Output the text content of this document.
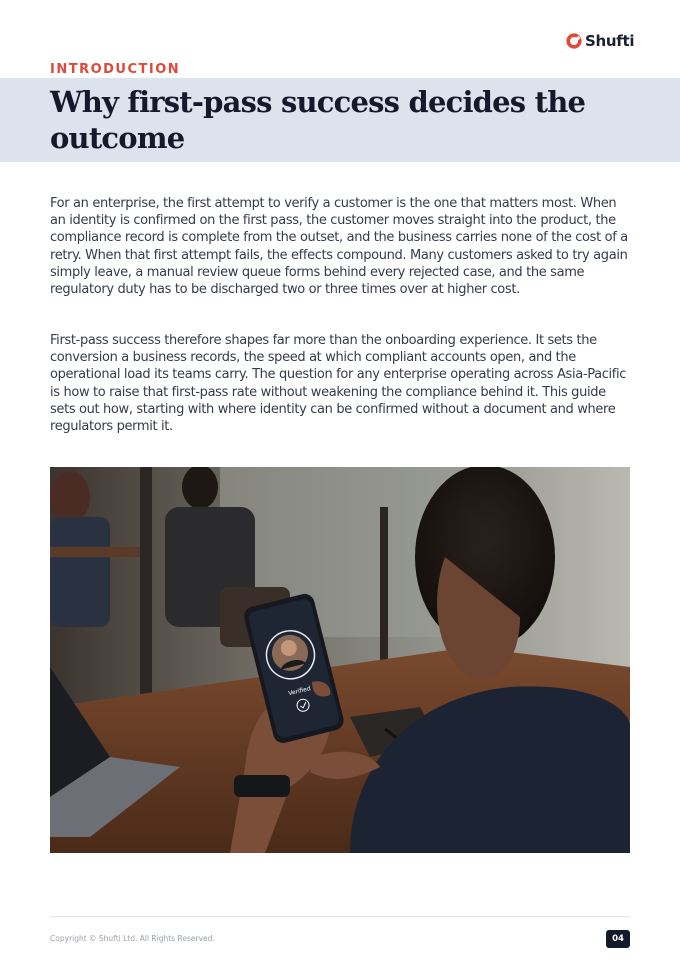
Shufti
INTRODUCTION
Why first-pass success decides the outcome

For an enterprise, the first attempt to verify a customer is the one that matters most. When an identity is confirmed on the first pass, the customer moves straight into the product, the compliance record is complete from the outset, and the business carries none of the cost of a retry. When that first attempt fails, the effects compound. Many customers asked to try again simply leave, a manual review queue forms behind every rejected case, and the same regulatory duty has to be discharged two or three times over at higher cost.

First-pass success therefore shapes far more than the onboarding experience. It sets the conversion a business records, the speed at which compliant accounts open, and the operational load its teams carry. The question for any enterprise operating across Asia-Pacific is how to raise that first-pass rate without weakening the compliance behind it. This guide sets out how, starting with where identity can be confirmed without a document and where regulators permit it.

Verified
Copyright © Shufti Ltd. All Rights Reserved.	04
